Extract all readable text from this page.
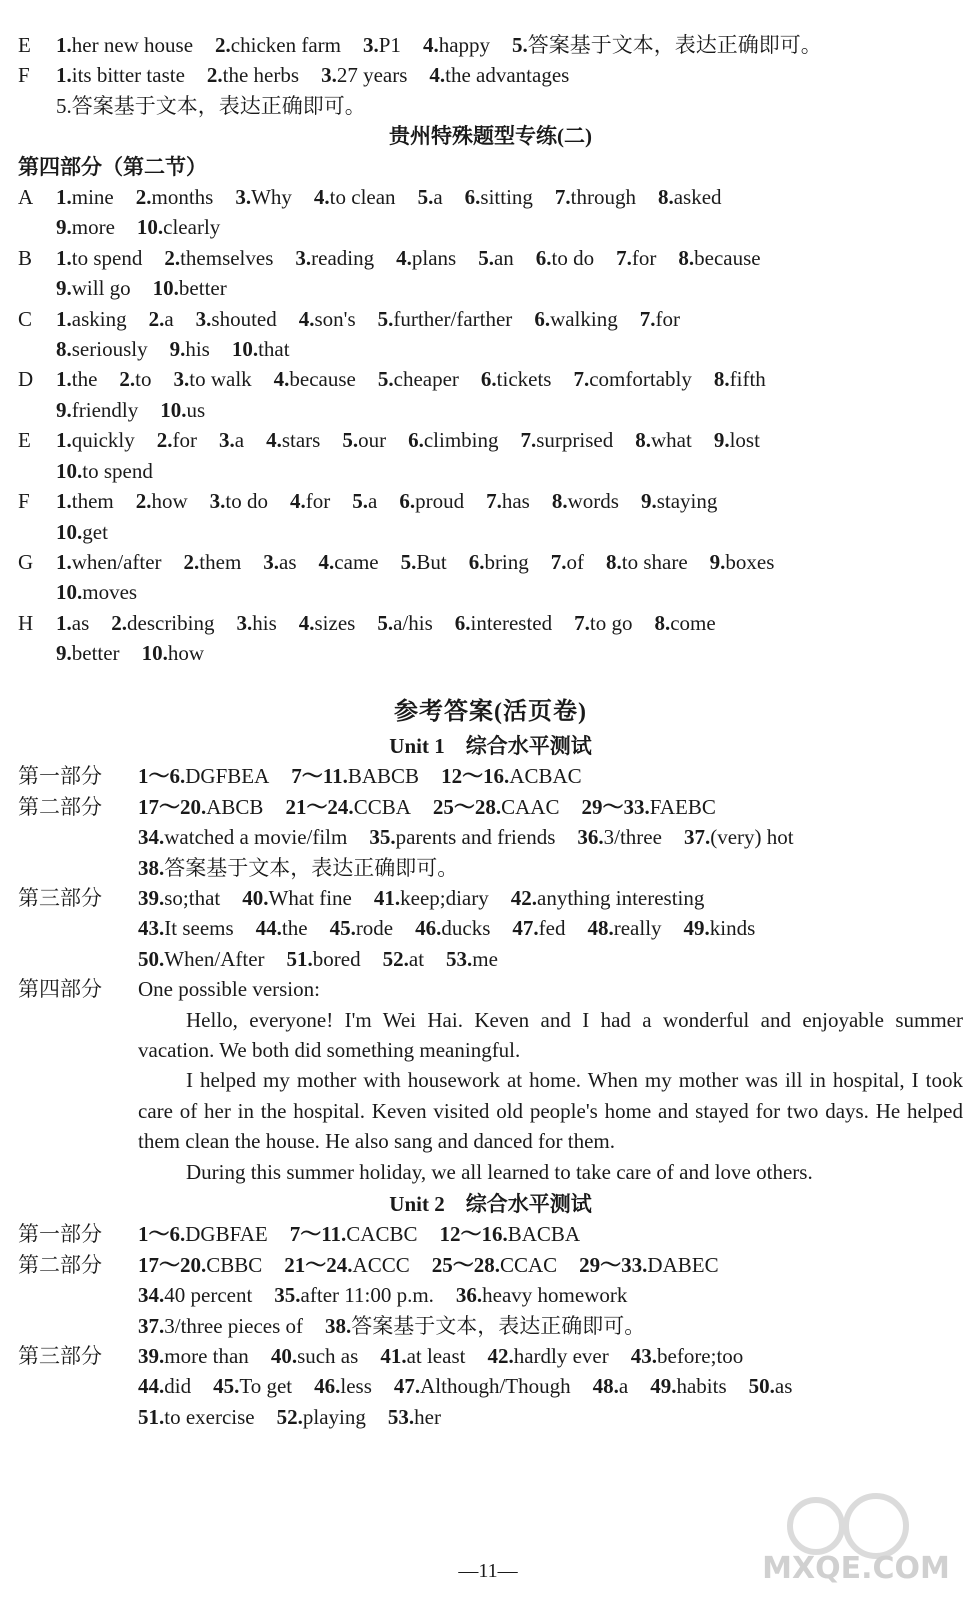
E	1.her new house 2.chicken farm 3.P1 4.happy 5.答案基于文本，表达正确即可。
F	1.its bitter taste 2.the herbs 3.27 years 4.the advantages
5.答案基于文本，表达正确即可。
贵州特殊题型专练(二)
第四部分（第二节）
A	1.mine 2.months 3.Why 4.to clean 5.a 6.sitting 7.through 8.asked
9.more 10.clearly
B	1.to spend 2.themselves 3.reading 4.plans 5.an 6.to do 7.for 8.because
9.will go 10.better
C	1.asking 2.a 3.shouted 4.son's 5.further/farther 6.walking 7.for
8.seriously 9.his 10.that
D	1.the 2.to 3.to walk 4.because 5.cheaper 6.tickets 7.comfortably 8.fifth
9.friendly 10.us
E	1.quickly 2.for 3.a 4.stars 5.our 6.climbing 7.surprised 8.what 9.lost
10.to spend
F	1.them 2.how 3.to do 4.for 5.a 6.proud 7.has 8.words 9.staying
10.get
G	1.when/after 2.them 3.as 4.came 5.But 6.bring 7.of 8.to share 9.boxes
10.moves
H	1.as 2.describing 3.his 4.sizes 5.a/his 6.interested 7.to go 8.come
9.better 10.how
参考答案(活页卷)
Unit 1　综合水平测试
第一部分	1～6.DGFBEA 7～11.BABCB 12～16.ACBAC
第二部分	17～20.ABCB 21～24.CCBA 25～28.CAAC 29～33.FAEBC
34.watched a movie/film 35.parents and friends 36.3/three 37.(very) hot
38.答案基于文本，表达正确即可。
第三部分	39.so;that 40.What fine 41.keep;diary 42.anything interesting
43.It seems 44.the 45.rode 46.ducks 47.fed 48.really 49.kinds
50.When/After 51.bored 52.at 53.me
第四部分	One possible version:

Hello, everyone! I'm Wei Hai. Keven and I had a wonderful and enjoyable summer vacation. We both did something meaningful.

I helped my mother with housework at home. When my mother was ill in hospital, I took care of her in the hospital. Keven visited old people's home and stayed for two days. He helped them clean the house. He also sang and danced for them.

During this summer holiday, we all learned to take care of and love others.

Unit 2　综合水平测试
第一部分	1～6.DGBFAE 7～11.CACBC 12～16.BACBA
第二部分	17～20.CBBC 21～24.ACCC 25～28.CCAC 29～33.DABEC
34.40 percent 35.after 11:00 p.m. 36.heavy homework
37.3/three pieces of 38.答案基于文本，表达正确即可。
第三部分	39.more than 40.such as 41.at least 42.hardly ever 43.before;too
44.did 45.To get 46.less 47.Although/Though 48.a 49.habits 50.as
51.to exercise 52.playing 53.her
—11—	MXQE.COM
